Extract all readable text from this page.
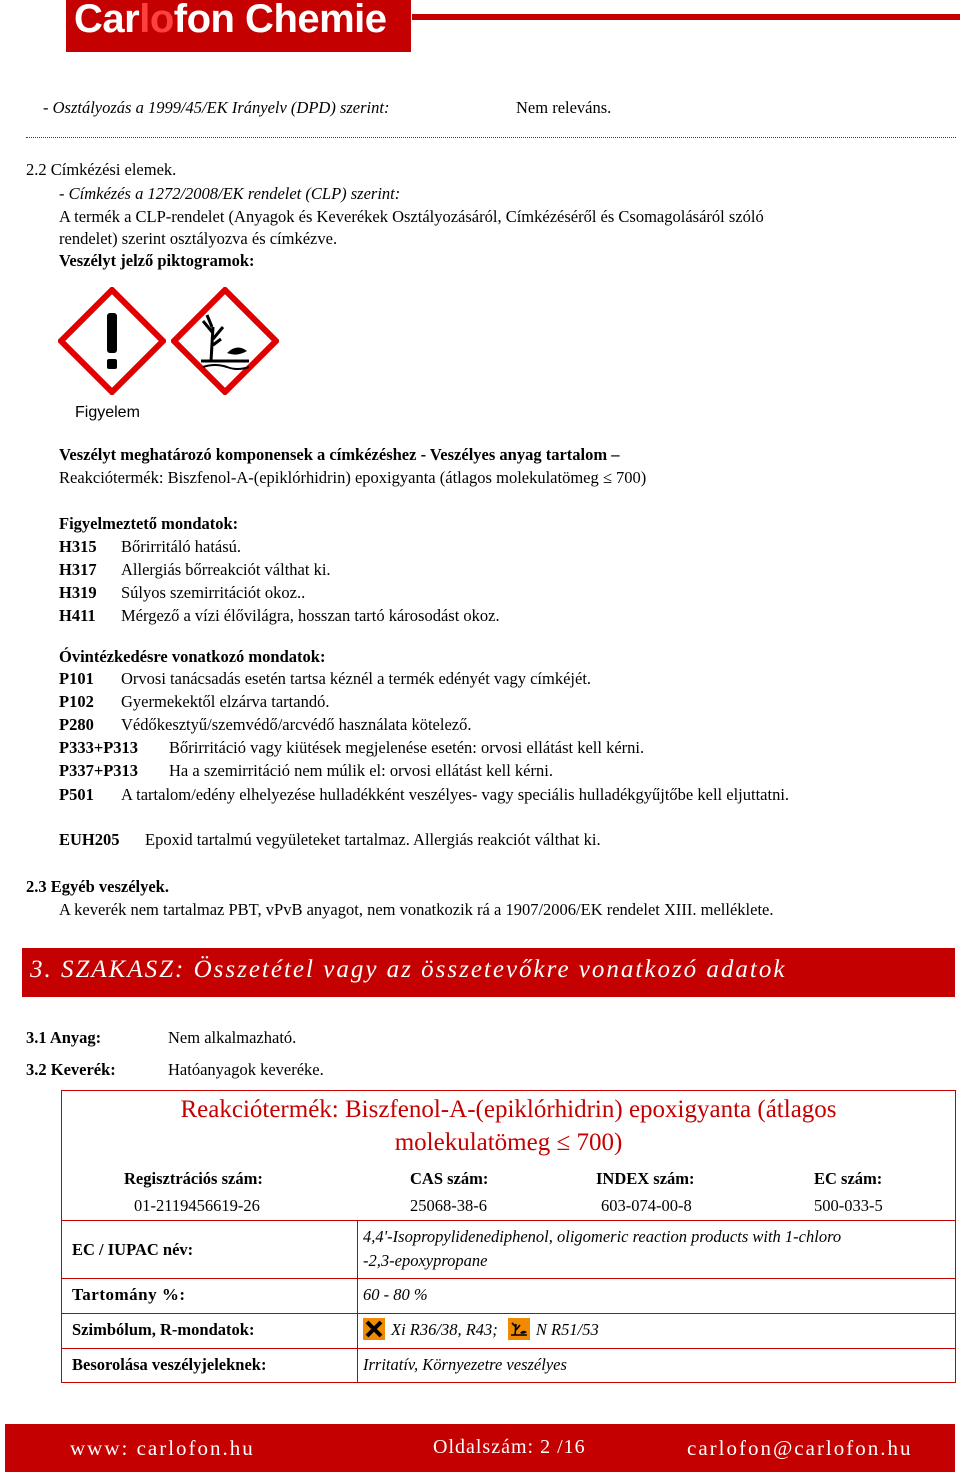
Carlofon Chemie
- Osztályozás a 1999/45/EK Irányelv (DPD) szerint:	Nem releváns.
2.2 Címkézési elemek.
- Címkézés a 1272/2008/EK rendelet (CLP) szerint:
A termék a CLP-rendelet (Anyagok és Keverékek Osztályozásáról, Címkézéséről és Csomagolásáról szóló
rendelet) szerint osztályozva és címkézve.
Veszélyt jelző piktogramok:
Figyelem
Veszélyt meghatározó komponensek a címkézéshez - Veszélyes anyag tartalom –
Reakciótermék: Biszfenol-A-(epiklórhidrin) epoxigyanta (átlagos molekulatömeg ≤ 700)
Figyelmeztető mondatok:
H315 Bőrirritáló hatású.
H317 Allergiás bőrreakciót válthat ki.
H319 Súlyos szemirritációt okoz..
H411 Mérgező a vízi élővilágra, hosszan tartó károsodást okoz.
Óvintézkedésre vonatkozó mondatok:
P101 Orvosi tanácsadás esetén tartsa kéznél a termék edényét vagy címkéjét.
P102 Gyermekektől elzárva tartandó.
P280 Védőkesztyű/szemvédő/arcvédő használata kötelező.
P333+P313 Bőrirritáció vagy kiütések megjelenése esetén: orvosi ellátást kell kérni.
P337+P313 Ha a szemirritáció nem múlik el: orvosi ellátást kell kérni.
P501 A tartalom/edény elhelyezése hulladékként veszélyes- vagy speciális hulladékgyűjtőbe kell eljuttatni.
EUH205 Epoxid tartalmú vegyületeket tartalmaz. Allergiás reakciót válthat ki.
2.3 Egyéb veszélyek.
A keverék nem tartalmaz PBT, vPvB anyagot, nem vonatkozik rá a 1907/2006/EK rendelet XIII. melléklete.
3. SZAKASZ: Összetétel vagy az összetevőkre vonatkozó adatok
3.1 Anyag:	Nem alkalmazható.
3.2 Keverék:	Hatóanyagok keveréke.
Reakciótermék: Biszfenol-A-(epiklórhidrin) epoxigyanta (átlagos
molekulatömeg ≤ 700)
Regisztrációs szám:
01-2119456619-26
CAS szám:
25068-38-6
INDEX szám:
603-074-00-8
EC szám:
500-033-5
EC / IUPAC név:
4,4'-Isopropylidenediphenol, oligomeric reaction products with 1-chloro
-2,3-epoxypropane
Tartomány %:	60 - 80 %
Szimbólum, R-mondatok:	Xi R36/38, R43; N R51/53
Besorolása veszélyjeleknek:	Irritatív, Környezetre veszélyes
www: carlofon.hu	Oldalszám: 2 /16	carlofon@carlofon.hu
